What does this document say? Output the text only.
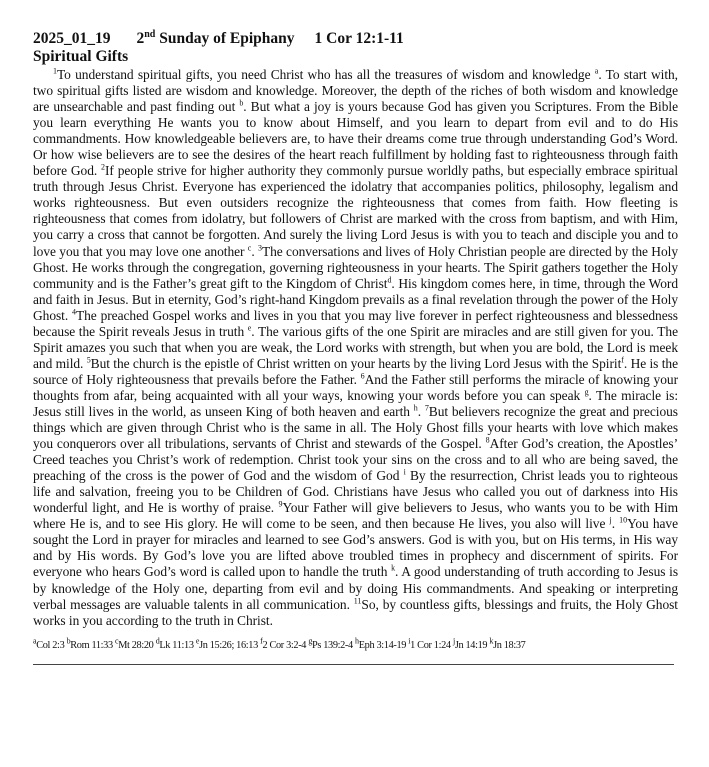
2025_01_19 2nd Sunday of Epiphany 1 Cor 12:1-11
Spiritual Gifts
$^1$To understand spiritual gifts, you need Christ who has all the treasures of wisdom and knowledge $^a$. To start with, two spiritual gifts listed are wisdom and knowledge. Moreover, the depth of the riches of both wisdom and knowledge are unsearchable and past finding out $^b$. But what a joy is yours because God has given you Scriptures. From the Bible you learn everything He wants you to know about Himself, and you learn to depart from evil and to do His commandments. How knowledgeable believers are, to have their dreams come true through understanding God’s Word. Or how wise believers are to see the desires of the heart reach fulfillment by holding fast to righteousness through faith before God. $^2$If people strive for higher authority they commonly pursue worldly paths, but especially embrace spiritual truth through Jesus Christ. Everyone has experienced the idolatry that accompanies politics, philosophy, legalism and works righteousness. But even outsiders recognize the righteousness that comes from faith. How fleeting is righteousness that comes from idolatry, but followers of Christ are marked with the cross from baptism, and with Him, you carry a cross that cannot be forgotten. And surely the living Lord Jesus is with you to teach and disciple you and to love you that you may love one another $^c$. $^3$The conversations and lives of Holy Christian people are directed by the Holy Ghost. He works through the congregation, governing righteousness in your hearts. The Spirit gathers together the Holy community and is the Father’s great gift to the Kingdom of Christ$^d$. His kingdom comes here, in time, through the Word and faith in Jesus. But in eternity, God’s right-hand Kingdom prevails as a final revelation through the power of the Holy Ghost. $^4$The preached Gospel works and lives in you that you may live forever in perfect righteousness and blessedness because the Spirit reveals Jesus in truth $^e$. The various gifts of the one Spirit are miracles and are still given for you. The Spirit amazes you such that when you are weak, the Lord works with strength, but when you are bold, the Lord is meek and mild. $^5$But the church is the epistle of Christ written on your hearts by the living Lord Jesus with the Spirit$^f$. He is the source of Holy righteousness that prevails before the Father. $^6$And the Father still performs the miracle of knowing your thoughts from afar, being acquainted with all your ways, knowing your words before you can speak $^g$. The miracle is: Jesus still lives in the world, as unseen King of both heaven and earth $^h$. $^7$But believers recognize the great and precious things which are given through Christ who is the same in all. The Holy Ghost fills your hearts with love which makes you conquerors over all tribulations, servants of Christ and stewards of the Gospel. $^8$After God’s creation, the Apostles’ Creed teaches you Christ’s work of redemption. Christ took your sins on the cross and to all who are being saved, the preaching of the cross is the power of God and the wisdom of God $^i$ By the resurrection, Christ leads you to righteous life and salvation, freeing you to be Children of God. Christians have Jesus who called you out of darkness into His wonderful light, and He is worthy of praise. $^9$Your Father will give believers to Jesus, who wants you to be with Him where He is, and to see His glory. He will come to be seen, and then because He lives, you also will live $^j$. $^{10}$You have sought the Lord in prayer for miracles and learned to see God’s answers. God is with you, but on His terms, in His way and by His words. By God’s love you are lifted above troubled times in prophecy and discernment of spirits. For everyone who hears God’s word is called upon to handle the truth $^k$. A good understanding of truth according to Jesus is by knowledge of the Holy one, departing from evil and by doing His commandments. And speaking or interpreting verbal messages are valuable talents in all communication. $^{11}$So, by countless gifts, blessings and fruits, the Holy Ghost works in you according to the truth in Christ.
$^a$Col 2:3 $^b$Rom 11:33 $^c$Mt 28:20 $^d$Lk 11:13 $^e$Jn 15:26; 16:13 $^f$2 Cor 3:2-4 $^g$Ps 139:2-4 $^h$Eph 3:14-19 $^i$1 Cor 1:24 $^j$Jn 14:19 $^k$Jn 18:37
